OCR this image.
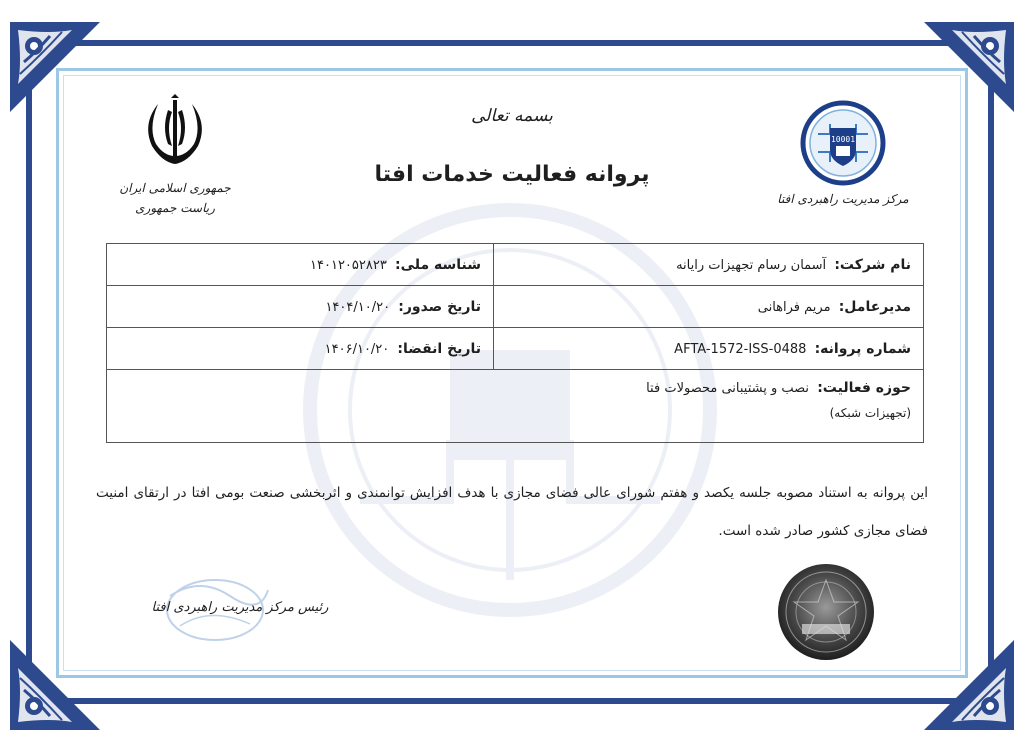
بسمه تعالی
پروانه فعالیت خدمات افتا
جمهوری اسلامی ایران
ریاست جمهوری
10001
مرکز مدیریت راهبردی افتا
نام شرکت: آسمان رسام تجهیزات رایانه	شناسه ملی: ۱۴۰۱۲۰۵۲۸۲۳
مدیرعامل: مریم فراهانی	تاریخ صدور: ۱۴۰۴/۱۰/۲۰
شماره پروانه: AFTA-1572-ISS-0488	تاریخ انقضا: ۱۴۰۶/۱۰/۲۰
حوزه فعالیت: نصب و پشتیبانی محصولات فتا
(تجهیزات شبکه)	
این پروانه به استناد مصوبه جلسه یکصد و هفتم شورای عالی فضای مجازی با هدف افزایش توانمندی و اثربخشی صنعت بومی افتا در ارتقای امنیت فضای مجازی کشور صادر شده است.
رئیس مرکز مدیریت راهبردی افتا
